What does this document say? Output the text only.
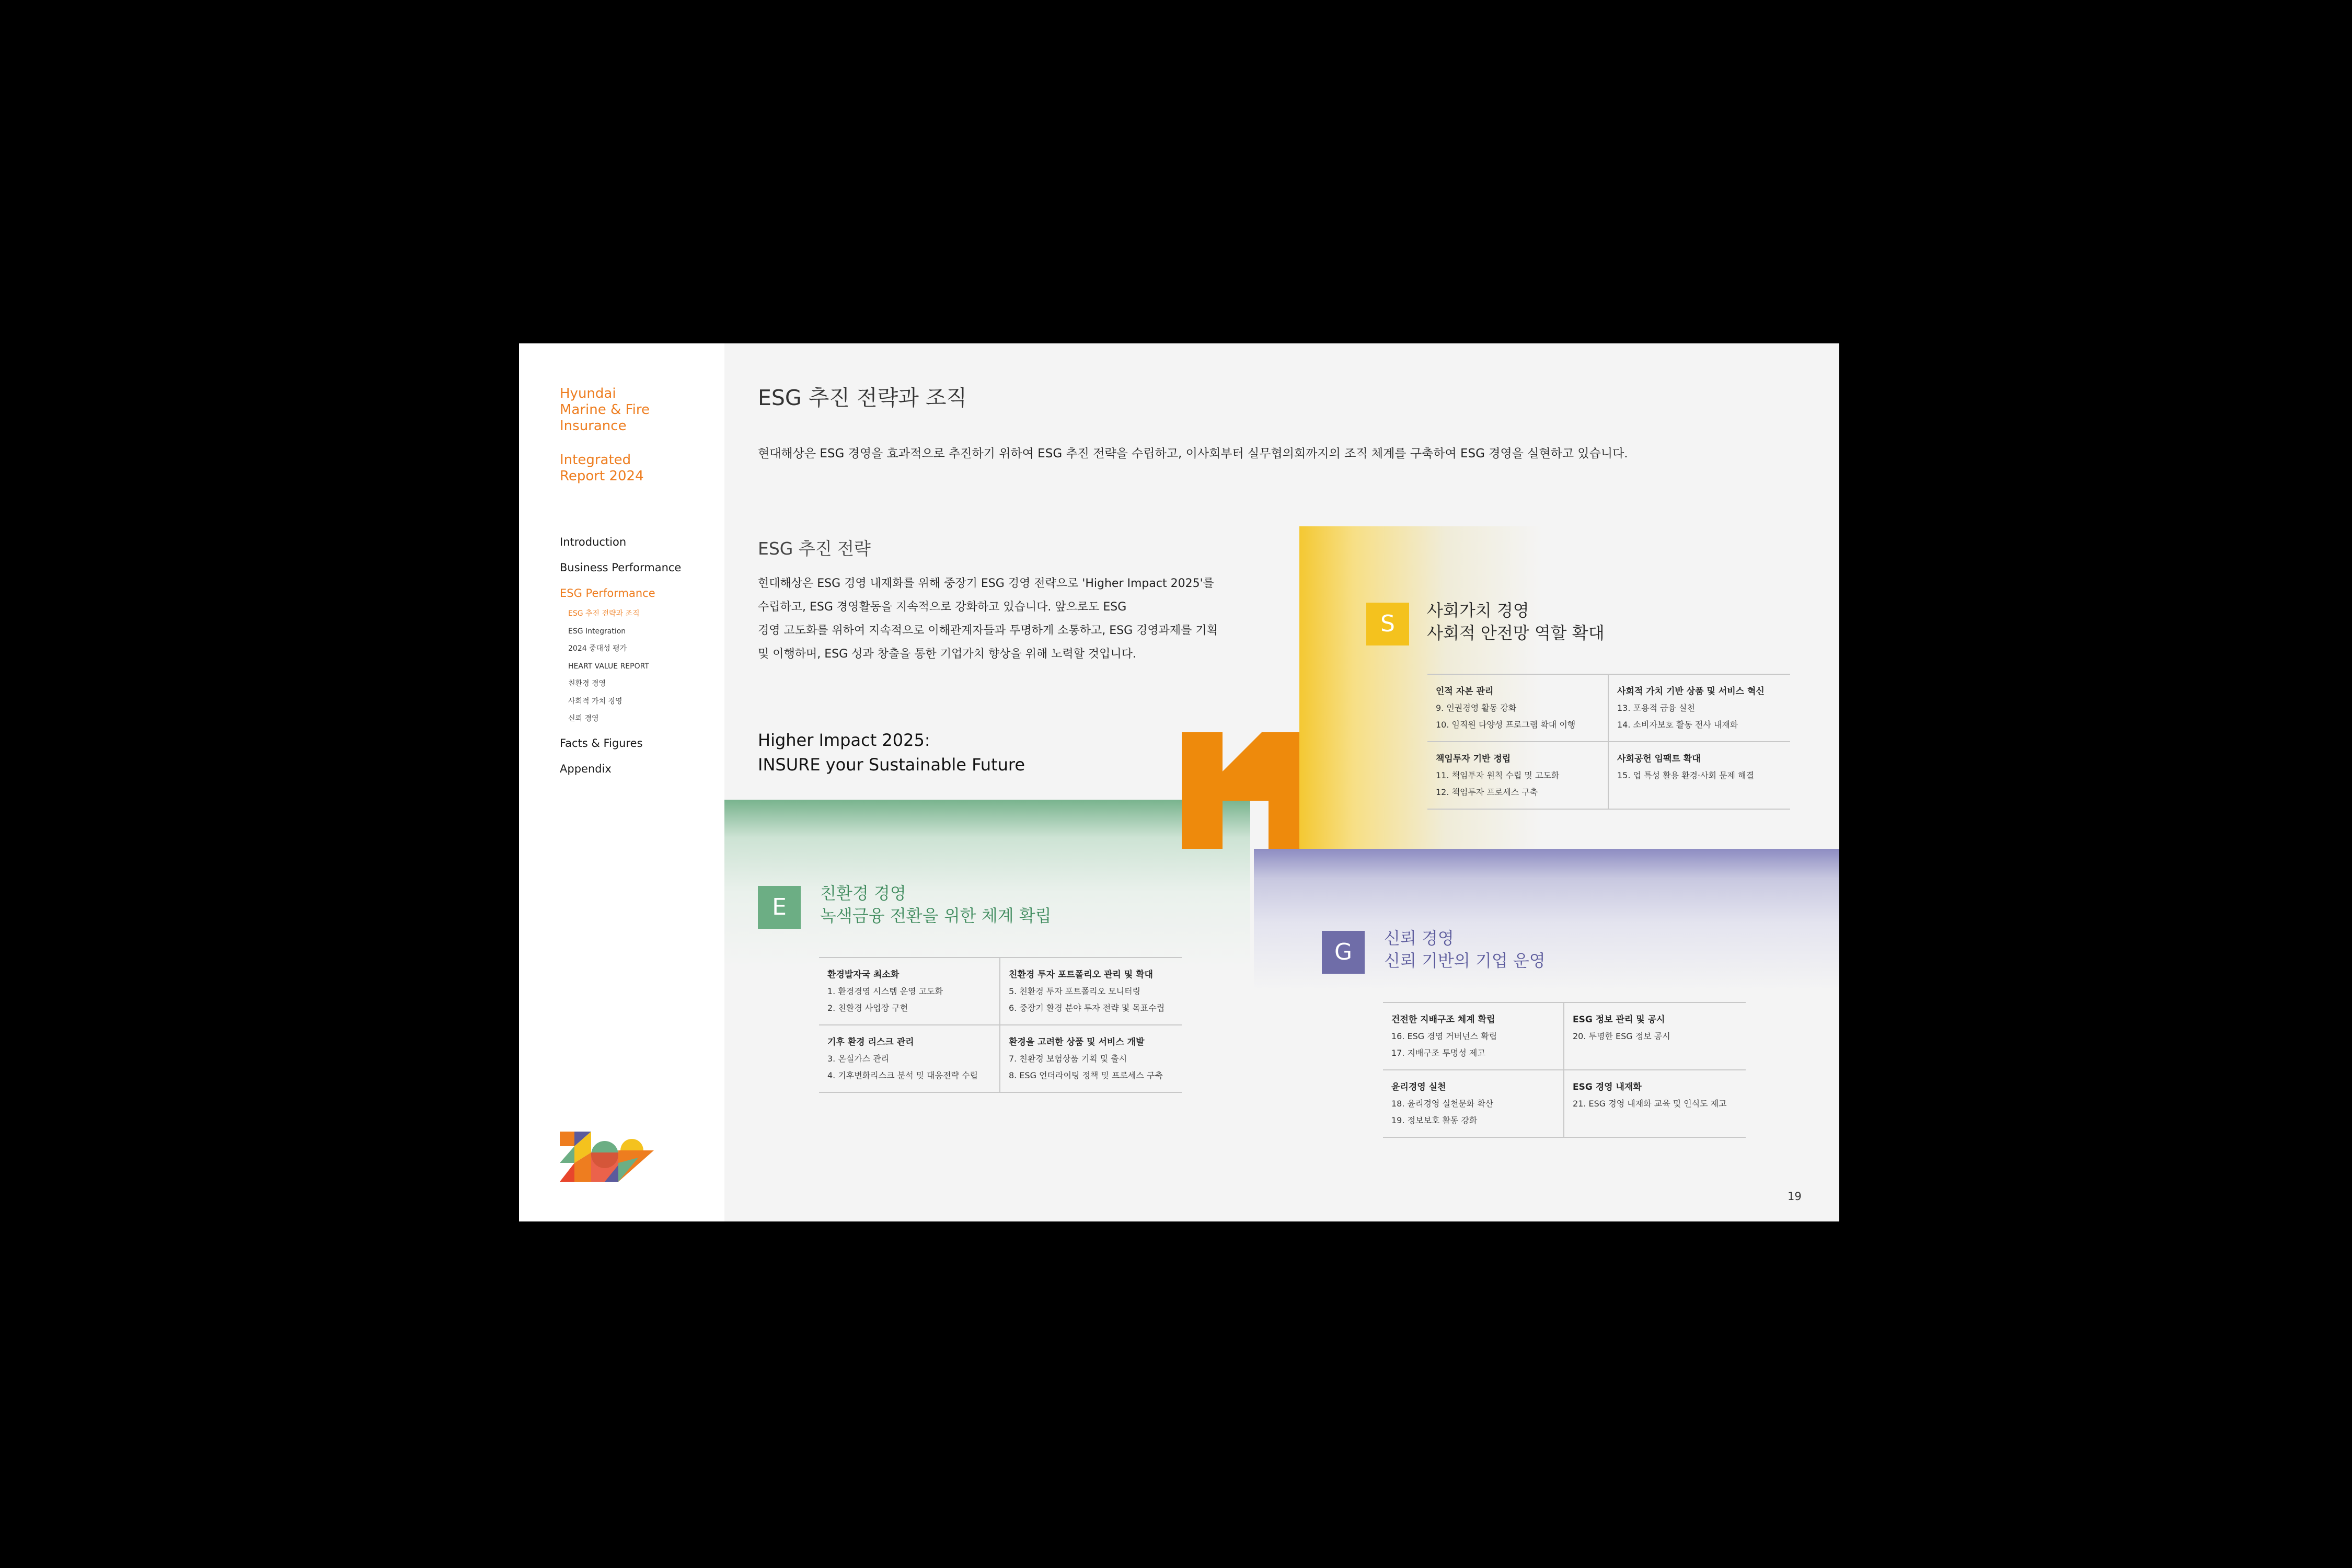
Hyundai
Marine & Fire
Insurance
Integrated
Report 2024
Introduction
Business Performance
ESG Performance
ESG 추진 전략과 조직
ESG Integration
2024 중대성 평가
HEART VALUE REPORT
친환경 경영
사회적 가치 경영
신뢰 경영
Facts & Figures
Appendix
ESG 추진 전략과 조직
현대해상은 ESG 경영을 효과적으로 추진하기 위하여 ESG 추진 전략을 수립하고, 이사회부터 실무협의회까지의 조직 체계를 구축하여 ESG 경영을 실현하고 있습니다.
ESG 추진 전략
현대해상은 ESG 경영 내재화를 위해 중장기 ESG 경영 전략으로 'Higher Impact 2025'를
수립하고, ESG 경영활동을 지속적으로 강화하고 있습니다. 앞으로도 ESG
경영 고도화를 위하여 지속적으로 이해관계자들과 투명하게 소통하고, ESG 경영과제를 기획
및 이행하며, ESG 성과 창출을 통한 기업가치 향상을 위해 노력할 것입니다.
Higher Impact 2025:
INSURE your Sustainable Future
S	사회가치 경영
사회적 안전망 역할 확대
인적 자본 관리
9. 인권경영 활동 강화
10. 임직원 다양성 프로그램 확대 이행
사회적 가치 기반 상품 및 서비스 혁신
13. 포용적 금융 실천
14. 소비자보호 활동 전사 내재화
책임투자 기반 정립
11. 책임투자 원칙 수립 및 고도화
12. 책임투자 프로세스 구축
사회공헌 임팩트 확대
15. 업 특성 활용 환경·사회 문제 해결
E
친환경 경영
녹색금융 전환을 위한 체계 확립
환경발자국 최소화
1. 환경경영 시스템 운영 고도화
2. 친환경 사업장 구현
친환경 투자 포트폴리오 관리 및 확대
5. 친환경 투자 포트폴리오 모니터링
6. 중장기 환경 분야 투자 전략 및 목표수립
기후 환경 리스크 관리
3. 온실가스 관리
4. 기후변화리스크 분석 및 대응전략 수립
환경을 고려한 상품 및 서비스 개발
7. 친환경 보험상품 기획 및 출시
8. ESG 언더라이팅 정책 및 프로세스 구축
G
신뢰 경영
신뢰 기반의 기업 운영
건전한 지배구조 체계 확립
16. ESG 경영 거버넌스 확립
17. 지배구조 투명성 제고
ESG 정보 관리 및 공시
20. 투명한 ESG 정보 공시
윤리경영 실천
18. 윤리경영 실천문화 확산
19. 정보보호 활동 강화
ESG 경영 내재화
21. ESG 경영 내재화 교육 및 인식도 제고
19
